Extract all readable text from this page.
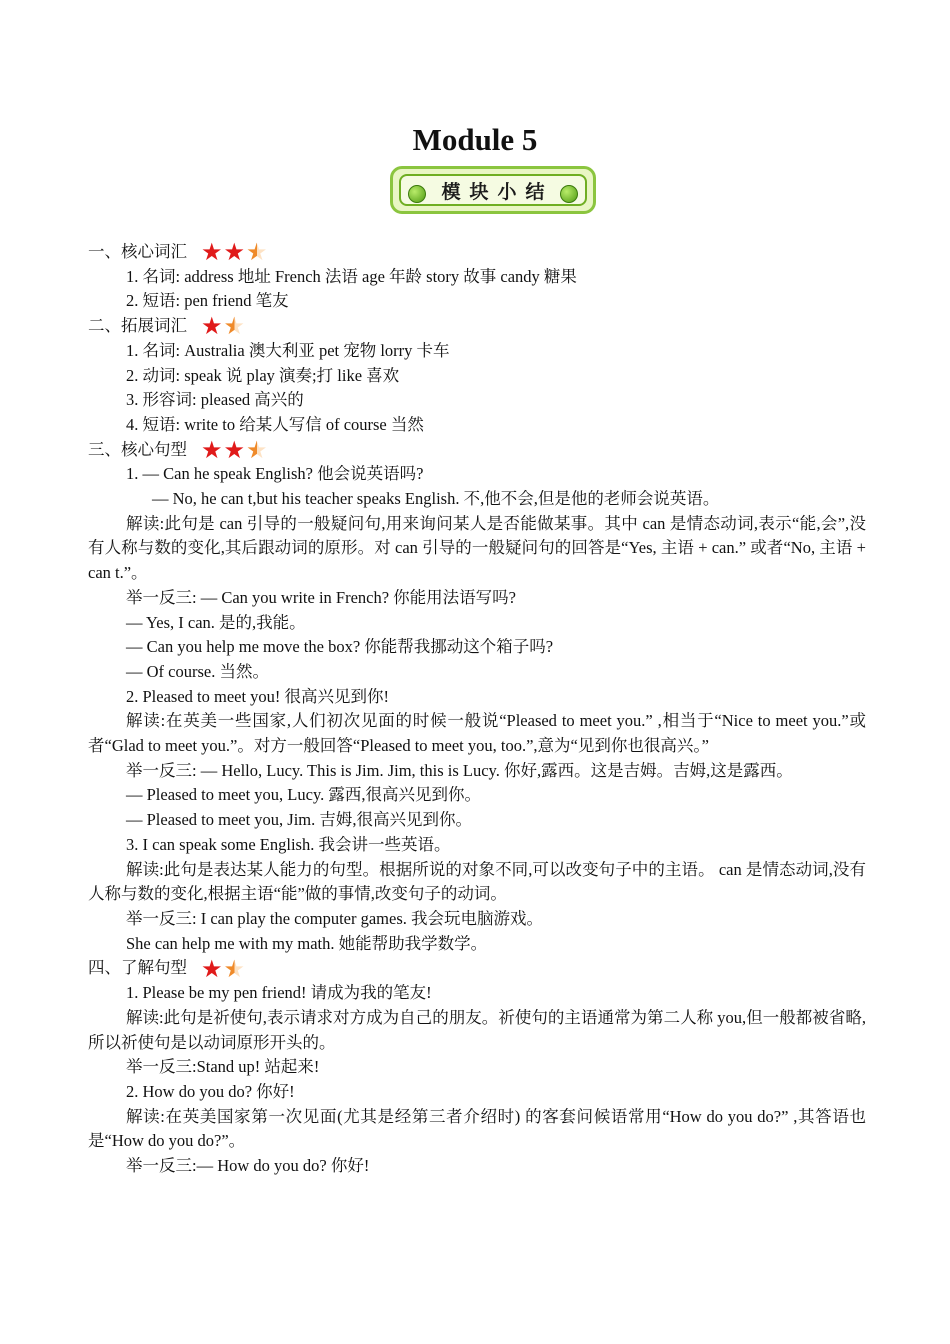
Module 5
模块小结
一、核心词汇 ★ ★ ★

1. 名词: address 地址 French 法语 age 年龄 story 故事 candy 糖果

2. 短语: pen friend 笔友

二、拓展词汇 ★ ★

1. 名词: Australia 澳大利亚 pet 宠物 lorry 卡车

2. 动词: speak 说 play 演奏;打 like 喜欢

3. 形容词: pleased 高兴的

4. 短语: write to 给某人写信 of course 当然

三、核心句型 ★ ★ ★

1. — Can he speak English? 他会说英语吗?

— No, he can t,but his teacher speaks English. 不,他不会,但是他的老师会说英语。

解读:此句是 can 引导的一般疑问句,用来询问某人是否能做某事。其中 can 是情态动词,表示“能,会”,没有人称与数的变化,其后跟动词的原形。对 can 引导的一般疑问句的回答是“Yes, 主语 + can.” 或者“No, 主语 + can t.”。

举一反三: — Can you write in French? 你能用法语写吗?

— Yes, I can. 是的,我能。

— Can you help me move the box? 你能帮我挪动这个箱子吗?

— Of course. 当然。

2. Pleased to meet you! 很高兴见到你!

解读:在英美一些国家,人们初次见面的时候一般说“Pleased to meet you.” ,相当于“Nice to meet you.”或者“Glad to meet you.”。对方一般回答“Pleased to meet you, too.”,意为“见到你也很高兴。”

举一反三: — Hello, Lucy. This is Jim. Jim, this is Lucy. 你好,露西。这是吉姆。吉姆,这是露西。

— Pleased to meet you, Lucy. 露西,很高兴见到你。

— Pleased to meet you, Jim. 吉姆,很高兴见到你。

3. I can speak some English. 我会讲一些英语。

解读:此句是表达某人能力的句型。根据所说的对象不同,可以改变句子中的主语。 can 是情态动词,没有人称与数的变化,根据主语“能”做的事情,改变句子的动词。

举一反三: I can play the computer games. 我会玩电脑游戏。

She can help me with my math. 她能帮助我学数学。

四、了解句型 ★ ★

1. Please be my pen friend! 请成为我的笔友!

解读:此句是祈使句,表示请求对方成为自己的朋友。祈使句的主语通常为第二人称 you,但一般都被省略,所以祈使句是以动词原形开头的。

举一反三:Stand up! 站起来!

2. How do you do? 你好!

解读:在英美国家第一次见面(尤其是经第三者介绍时) 的客套问候语常用“How do you do?” ,其答语也是“How do you do?”。

举一反三:— How do you do? 你好!
